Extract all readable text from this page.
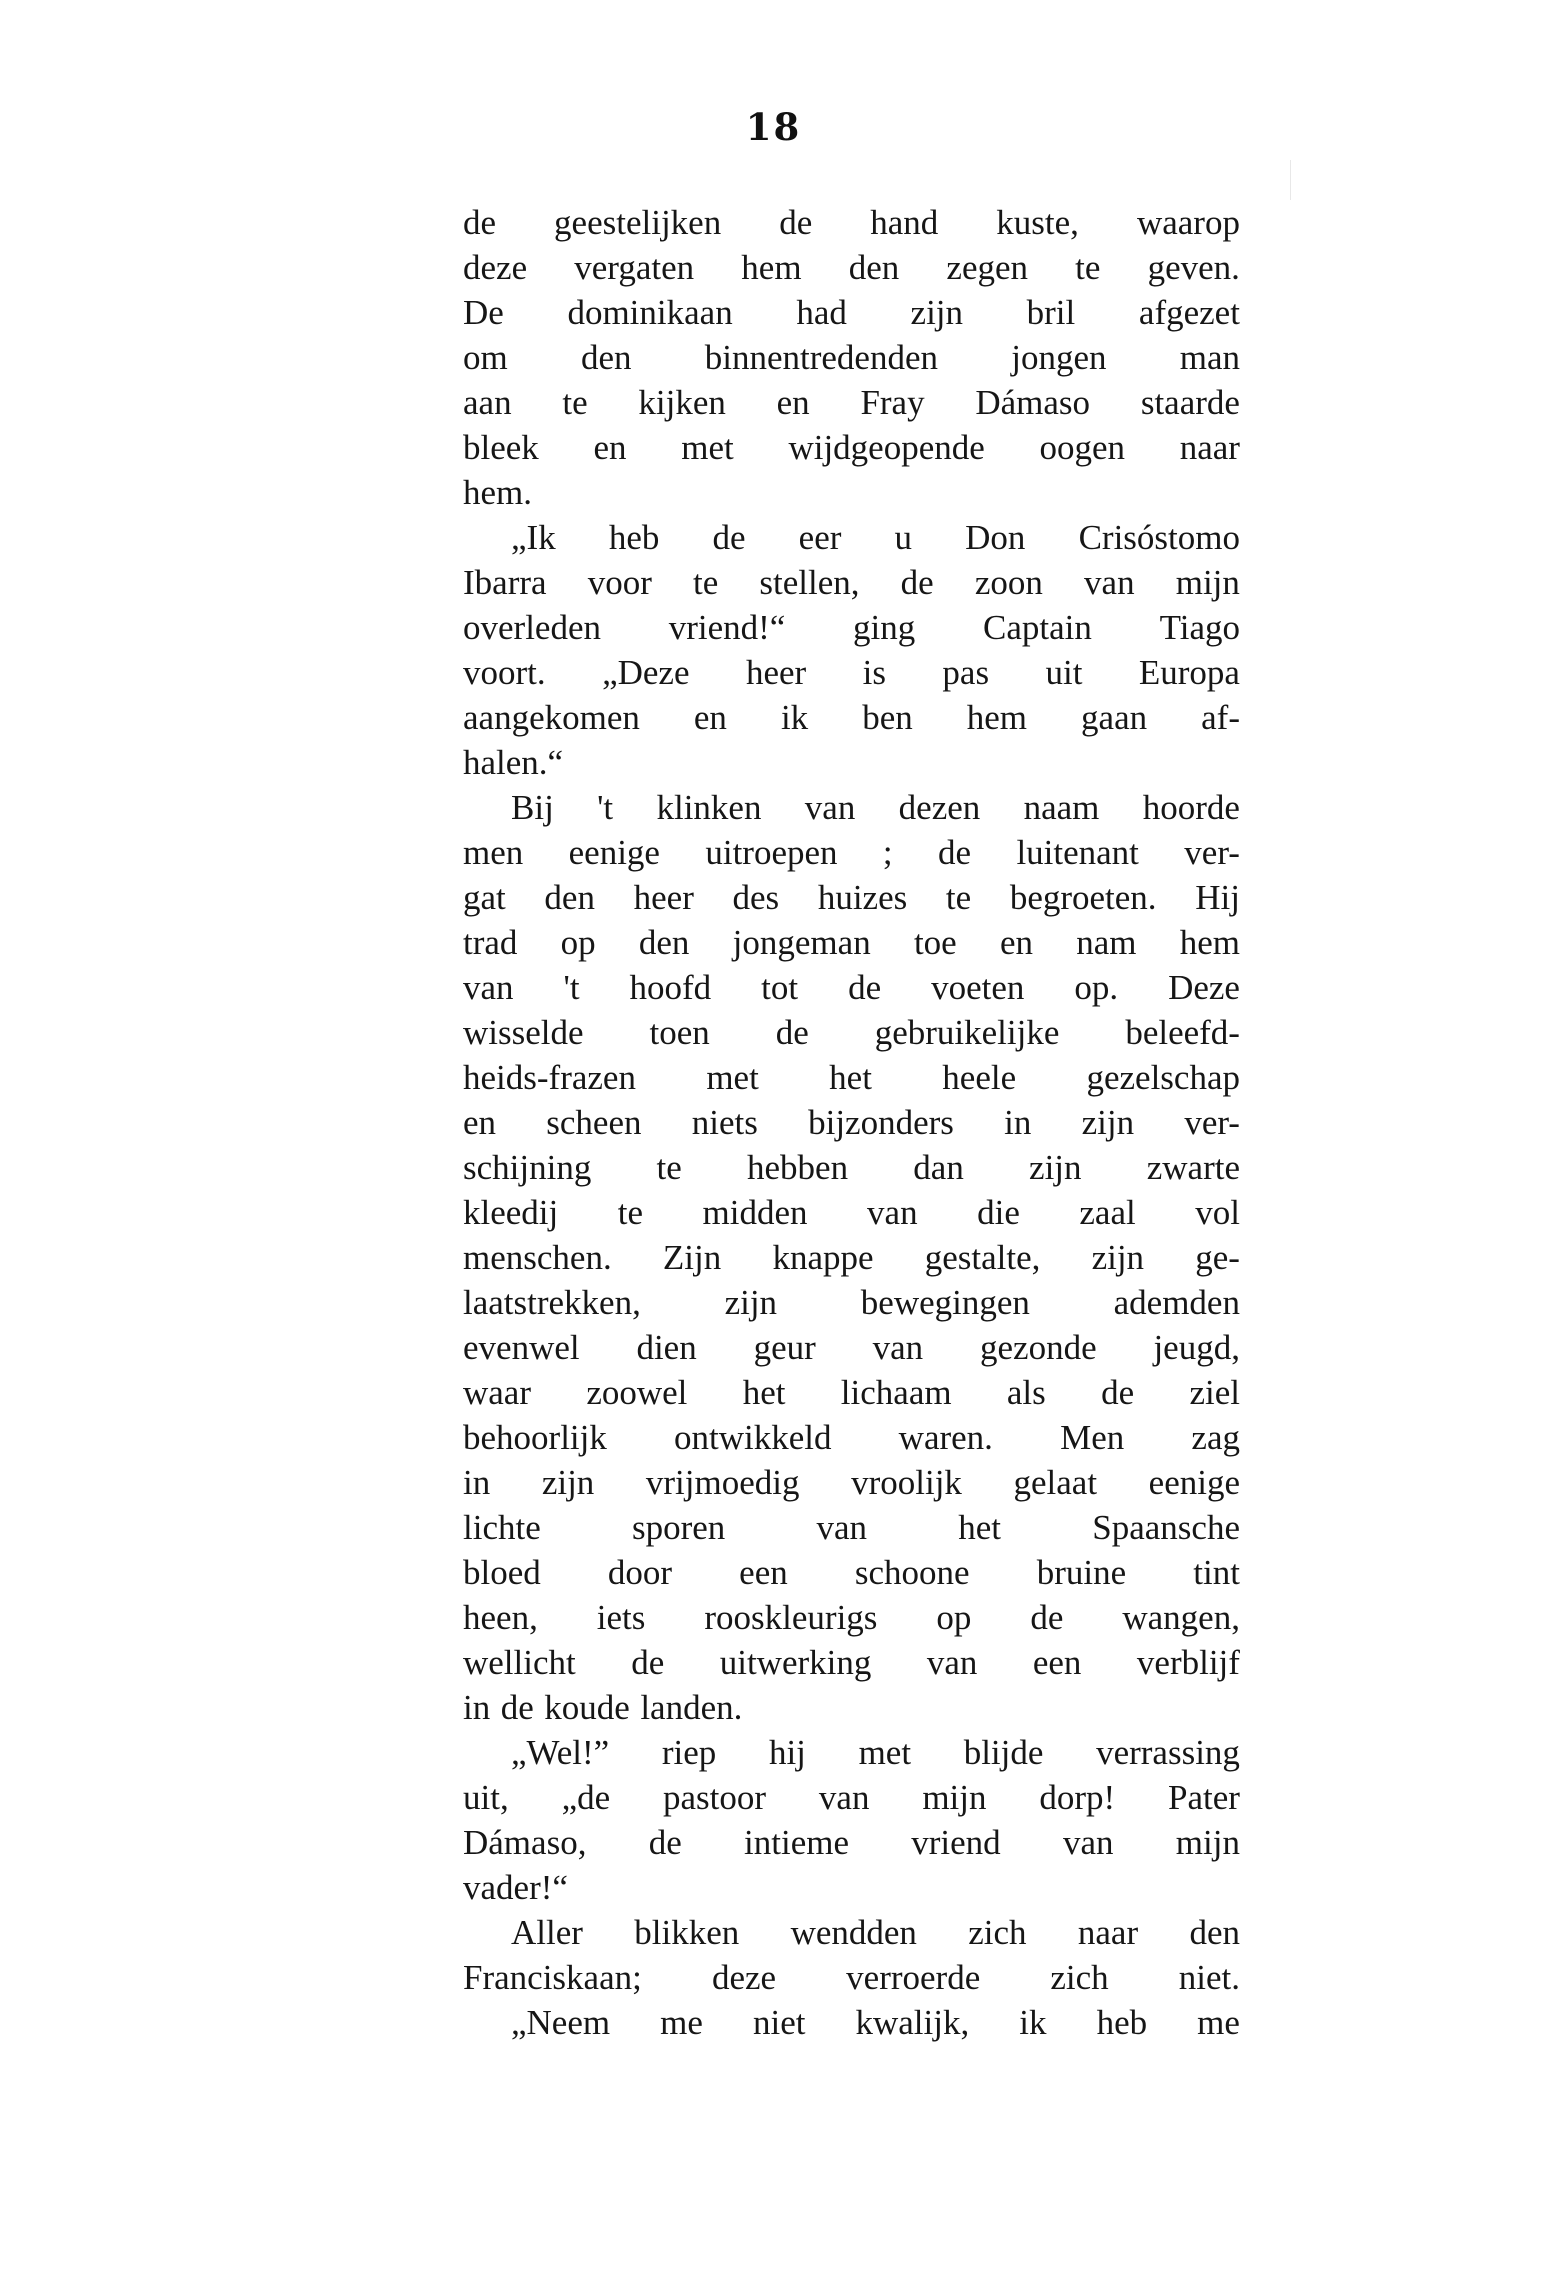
18
de geestelijken de hand kuste, waarop
deze vergaten hem den zegen te geven.
De dominikaan had zijn bril afgezet
om den binnentredenden jongen man
aan te kijken en Fray Dámaso staarde
bleek en met wijdgeopende oogen naar
hem.
„Ik heb de eer u Don Crisóstomo
Ibarra voor te stellen, de zoon van mijn
overleden vriend!“ ging Captain Tiago
voort. „Deze heer is pas uit Europa
aangekomen en ik ben hem gaan af-
halen.“
Bij 't klinken van dezen naam hoorde
men eenige uitroepen ; de luitenant ver-
gat den heer des huizes te begroeten. Hij
trad op den jongeman toe en nam hem
van 't hoofd tot de voeten op. Deze
wisselde toen de gebruikelijke beleefd-
heids-frazen met het heele gezelschap
en scheen niets bijzonders in zijn ver-
schijning te hebben dan zijn zwarte
kleedij te midden van die zaal vol
menschen. Zijn knappe gestalte, zijn ge-
laatstrekken, zijn bewegingen ademden
evenwel dien geur van gezonde jeugd,
waar zoowel het lichaam als de ziel
behoorlijk ontwikkeld waren. Men zag
in zijn vrijmoedig vroolijk gelaat eenige
lichte	sporen	van	het	Spaansche
bloed door een schoone bruine tint
heen, iets rooskleurigs op de wangen,
wellicht de uitwerking van een verblijf
in de koude landen.
„Wel!” riep hij met blijde verrassing
uit, „de pastoor van mijn dorp! Pater
Dámaso, de intieme vriend van mijn
vader!“
Aller blikken wendden zich naar den
Franciskaan; deze verroerde zich niet.
„Neem me niet kwalijk, ik heb me
